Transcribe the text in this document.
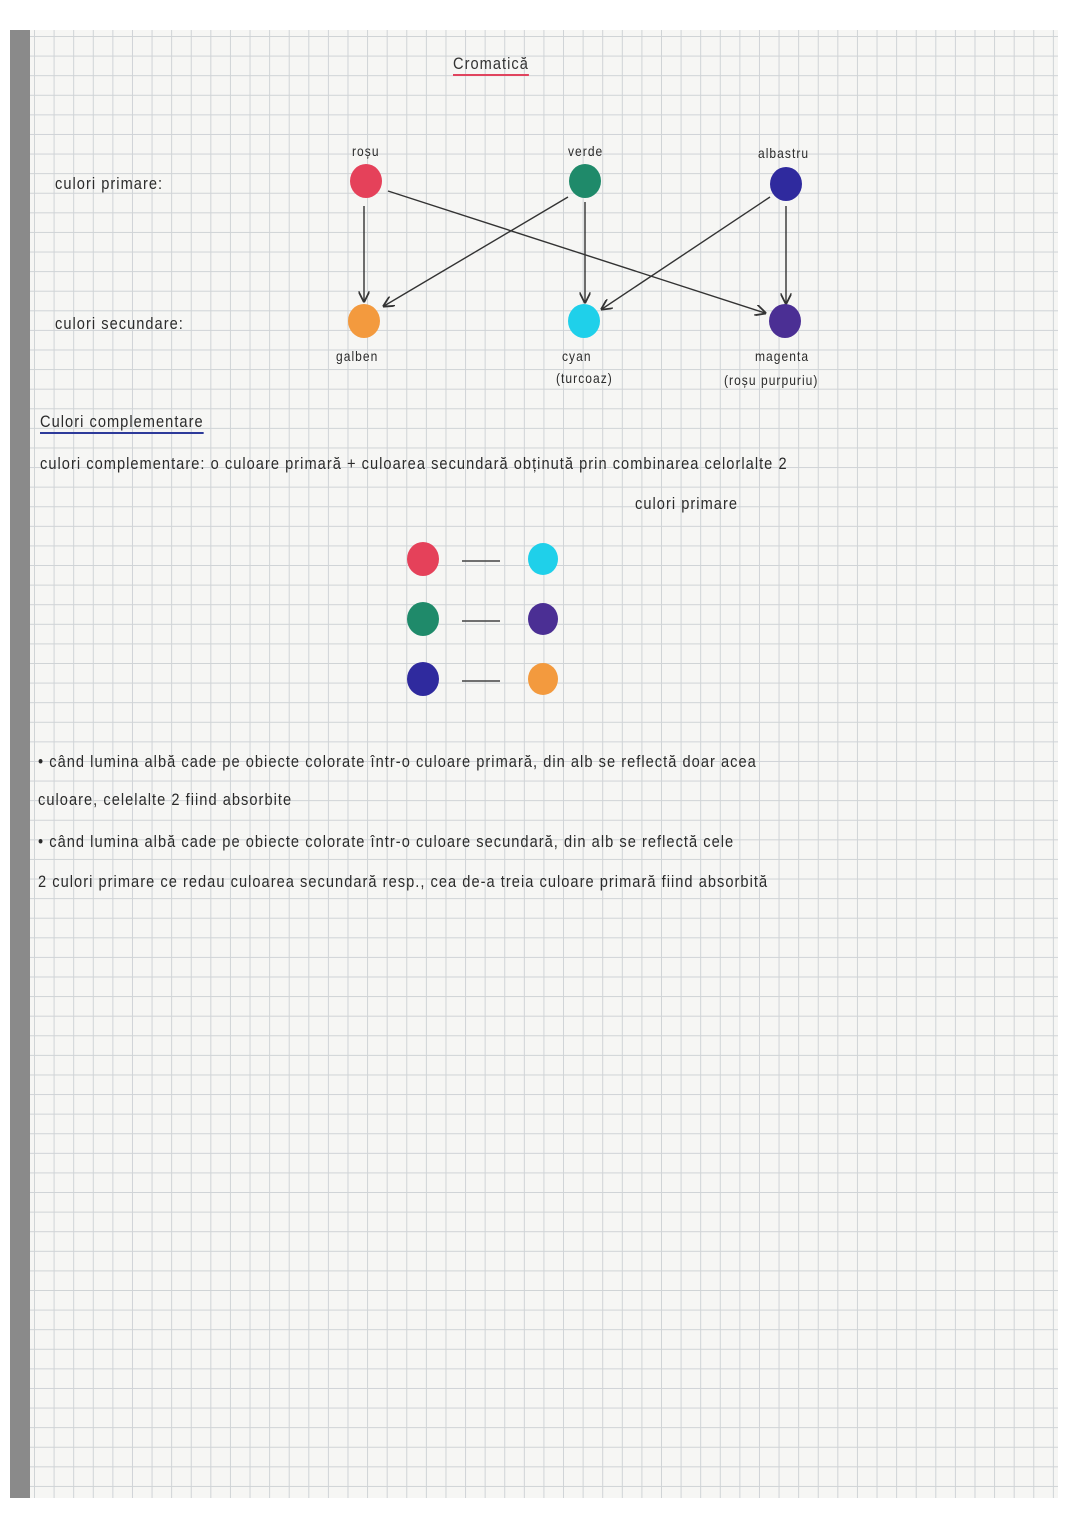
Cromatică
culori primare:
culori secundare:
roșu	verde	albastru
galben	cyan
(turcoaz)
magenta
(roșu purpuriu)
Culori complementare
culori complementare: o culoare primară + culoarea secundară obținută prin combinarea celorlalte 2
culori primare
• când lumina albă cade pe obiecte colorate într-o culoare primară, din alb se reflectă doar acea
culoare, celelalte 2 fiind absorbite
• când lumina albă cade pe obiecte colorate într-o culoare secundară, din alb se reflectă cele
2 culori primare ce redau culoarea secundară resp., cea de-a treia culoare primară fiind absorbită
